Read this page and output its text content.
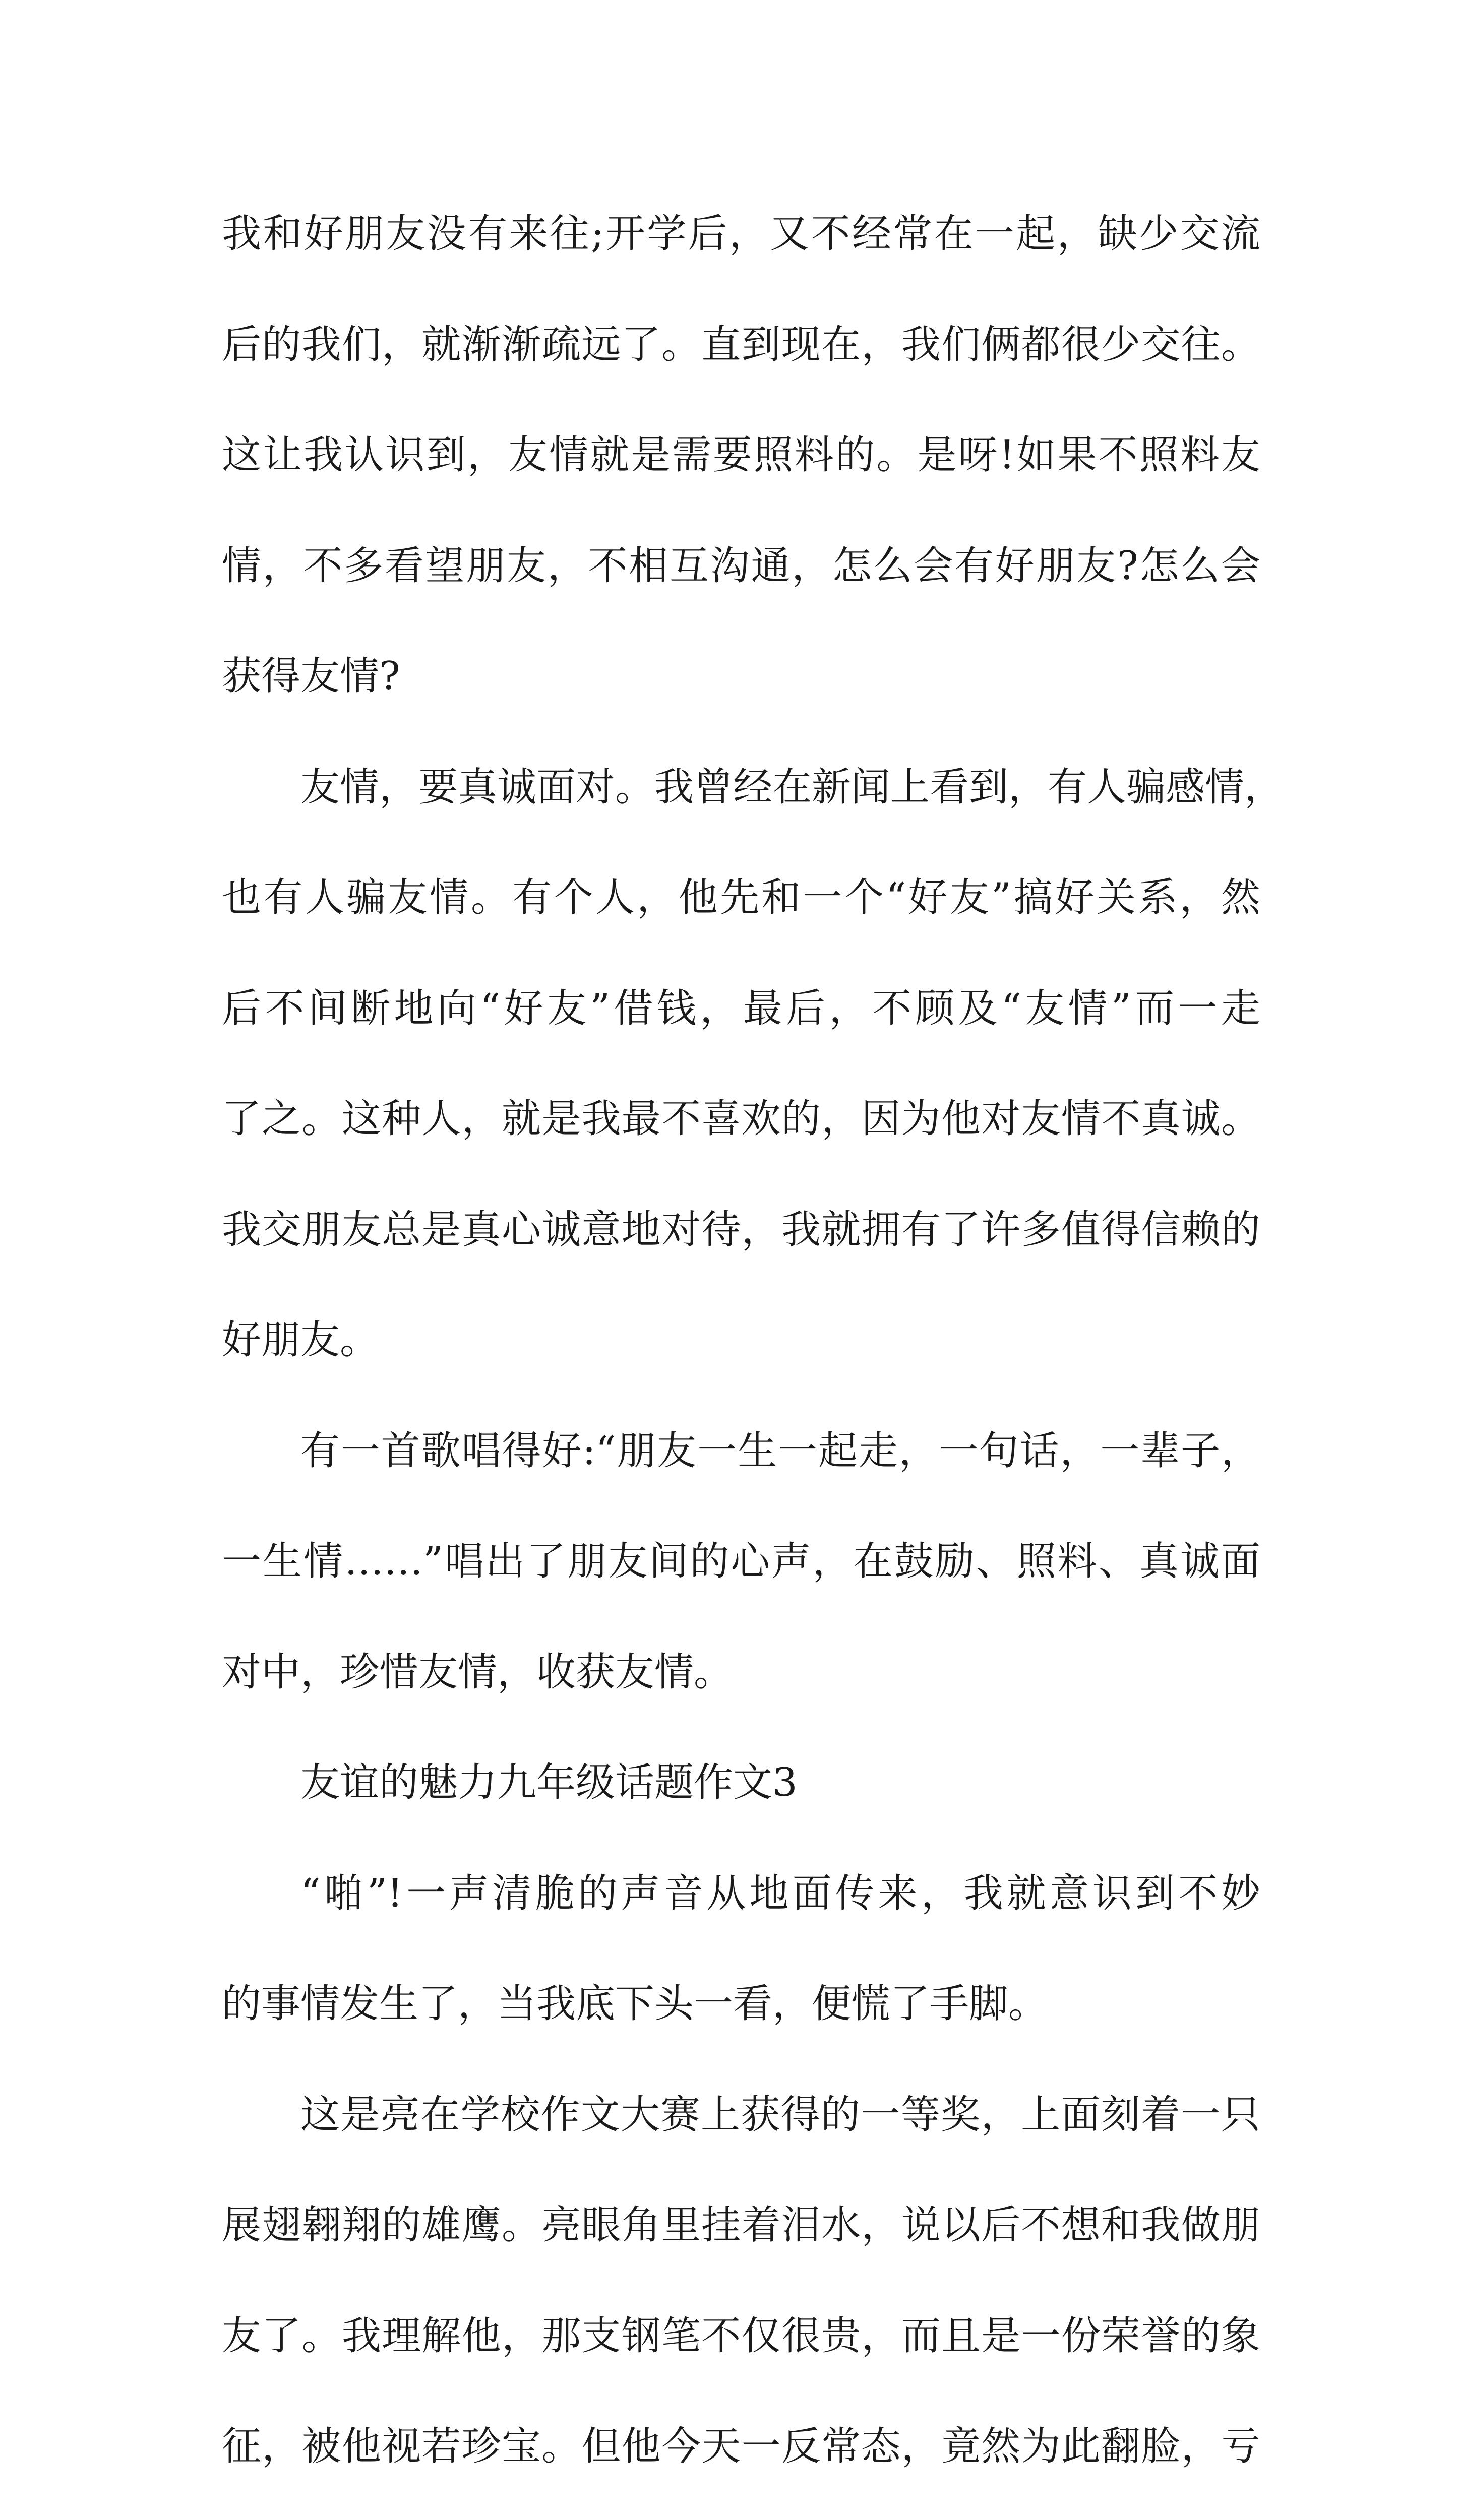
我和好朋友没有来往;开学后，又不经常在一起，缺少交流
后的我们，就渐渐疏远了。直到现在，我们俩都很少交往。
这让我认识到，友情就是需要照料的。是呀!如果不照料友
情，不多看望朋友，不相互沟通，怎么会有好朋友?怎么会
获得友情?
友情，要真诚面对。我曾经在新闻上看到，有人骗感情，
也有人骗友情。有个人，他先和一个“好友”搞好关系，然
后不间断地向“好友”借钱，最后，不顾及“友情”而一走
了之。这种人，就是我最不喜欢的，因为他对友情不真诚。
我交朋友总是真心诚意地对待，我就拥有了许多值得信赖的
好朋友。
有一首歌唱得好:“朋友一生一起走，一句话，一辈子，
一生情……”唱出了朋友间的心声，在鼓励、照料、真诚面
对中，珍惜友情，收获友情。
友谊的魅力九年级话题作文3
“啪”!一声清脆的声音从地面传来，我就意识到不妙
的事情发生了，当我底下头一看，便慌了手脚。
这是亮在学校作文大赛上获得的一等奖，上面刻着一只
展翅翱翔的雄鹰。亮眼角里挂着泪水，说以后不想和我做朋
友了。我理解他，那支钢笔不仅很贵，而且是一份荣誉的象
征，被他视若珍宝。但他今天一反常态，竟然为此翻脸，亏
